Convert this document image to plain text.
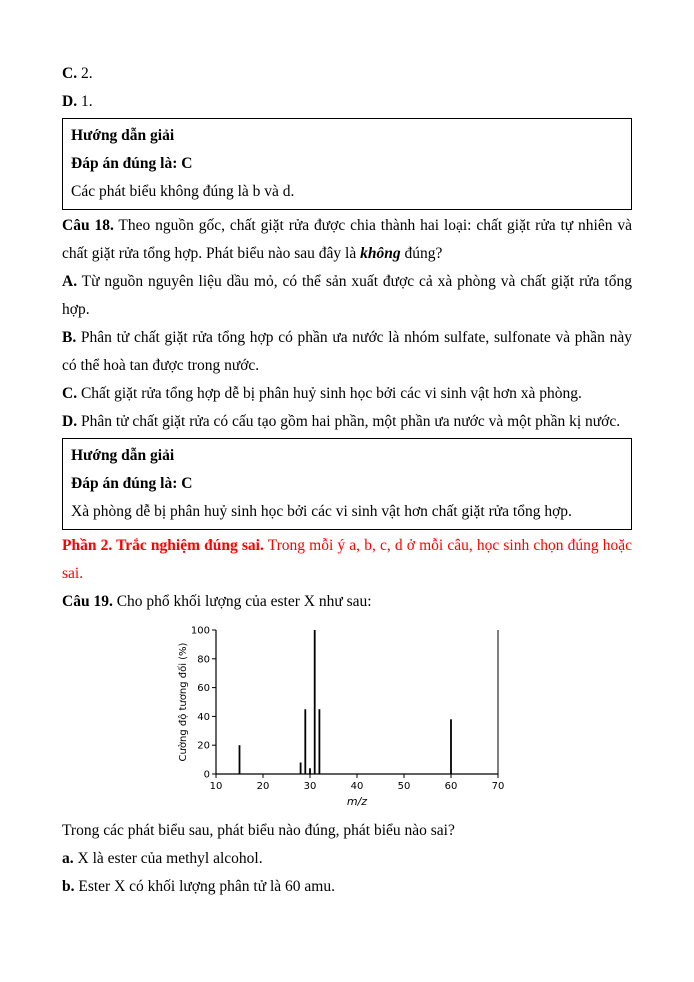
C. 2.

D. 1.

Hướng dẫn giải

Đáp án đúng là: C

Các phát biểu không đúng là b và d.

Câu 18. Theo nguồn gốc, chất giặt rửa được chia thành hai loại: chất giặt rửa tự nhiên và chất giặt rửa tổng hợp. Phát biểu nào sau đây là không đúng?

A. Từ nguồn nguyên liệu dầu mỏ, có thể sản xuất được cả xà phòng và chất giặt rửa tổng hợp.

B. Phân tử chất giặt rửa tổng hợp có phần ưa nước là nhóm sulfate, sulfonate và phần này có thể hoà tan được trong nước.

C. Chất giặt rửa tổng hợp dễ bị phân huỷ sinh học bởi các vi sinh vật hơn xà phòng.

D. Phân tử chất giặt rửa có cấu tạo gồm hai phần, một phần ưa nước và một phần kị nước.

Hướng dẫn giải

Đáp án đúng là: C

Xà phòng dễ bị phân huỷ sinh học bởi các vi sinh vật hơn chất giặt rửa tổng hợp.

Phần 2. Trắc nghiệm đúng sai. Trong mỗi ý a, b, c, d ở mỗi câu, học sinh chọn đúng hoặc sai.

Câu 19. Cho phổ khối lượng của ester X như sau:

0
20
40
60
80
100
10	20	30	40	50	60	70
m/z
Cường độ tương đối (%)

Trong các phát biểu sau, phát biểu nào đúng, phát biểu nào sai?

a. X là ester của methyl alcohol.

b. Ester X có khối lượng phân tử là 60 amu.
